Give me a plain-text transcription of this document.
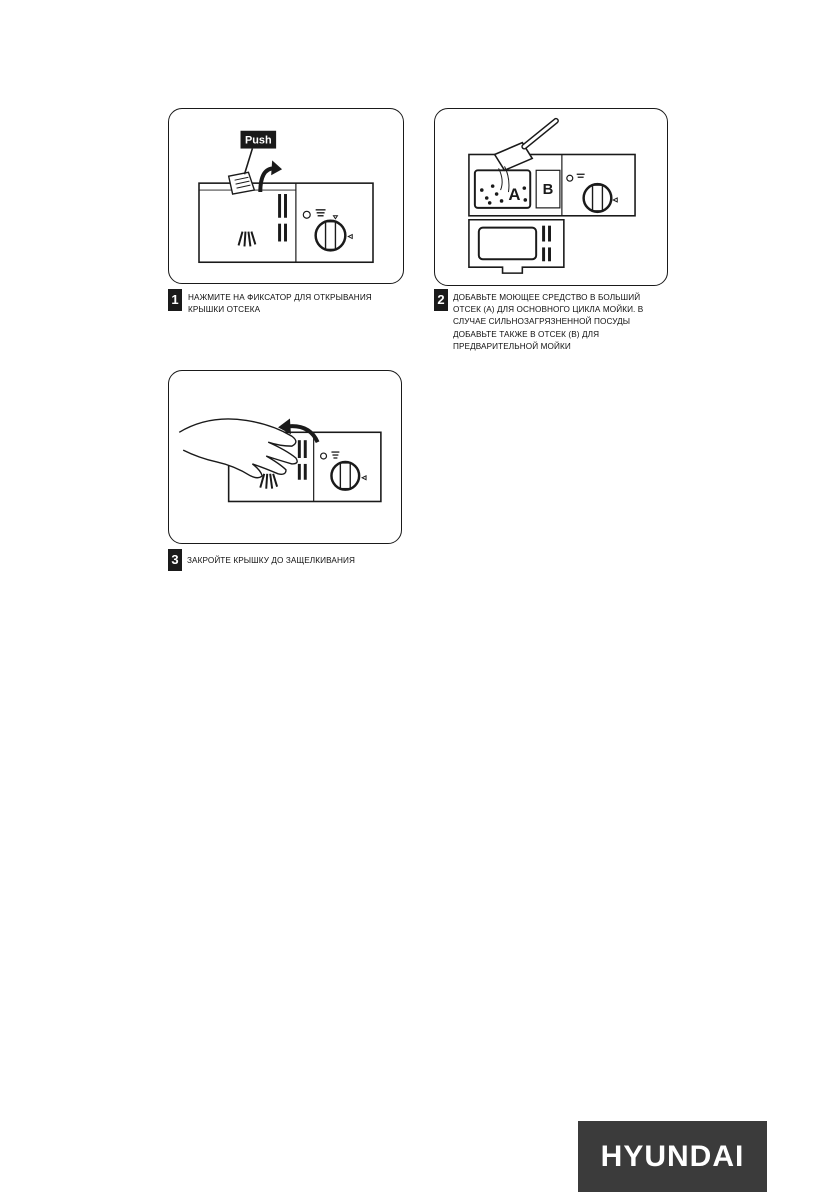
Push
1	НАЖМИТЕ НА ФИКСАТОР ДЛЯ ОТКРЫВАНИЯ
КРЫШКИ ОТСЕКА
A B
2	ДОБАВЬТЕ МОЮЩЕЕ СРЕДСТВО В БОЛЬШИЙ
ОТСЕК (А) ДЛЯ ОСНОВНОГО ЦИКЛА МОЙКИ. В
СЛУЧАЕ СИЛЬНОЗАГРЯЗНЕННОЙ ПОСУДЫ
ДОБАВЬТЕ ТАКЖЕ В ОТСЕК (В) ДЛЯ
ПРЕДВАРИТЕЛЬНОЙ МОЙКИ
3	ЗАКРОЙТЕ КРЫШКУ ДО ЗАЩЕЛКИВАНИЯ
HYUNDAI
